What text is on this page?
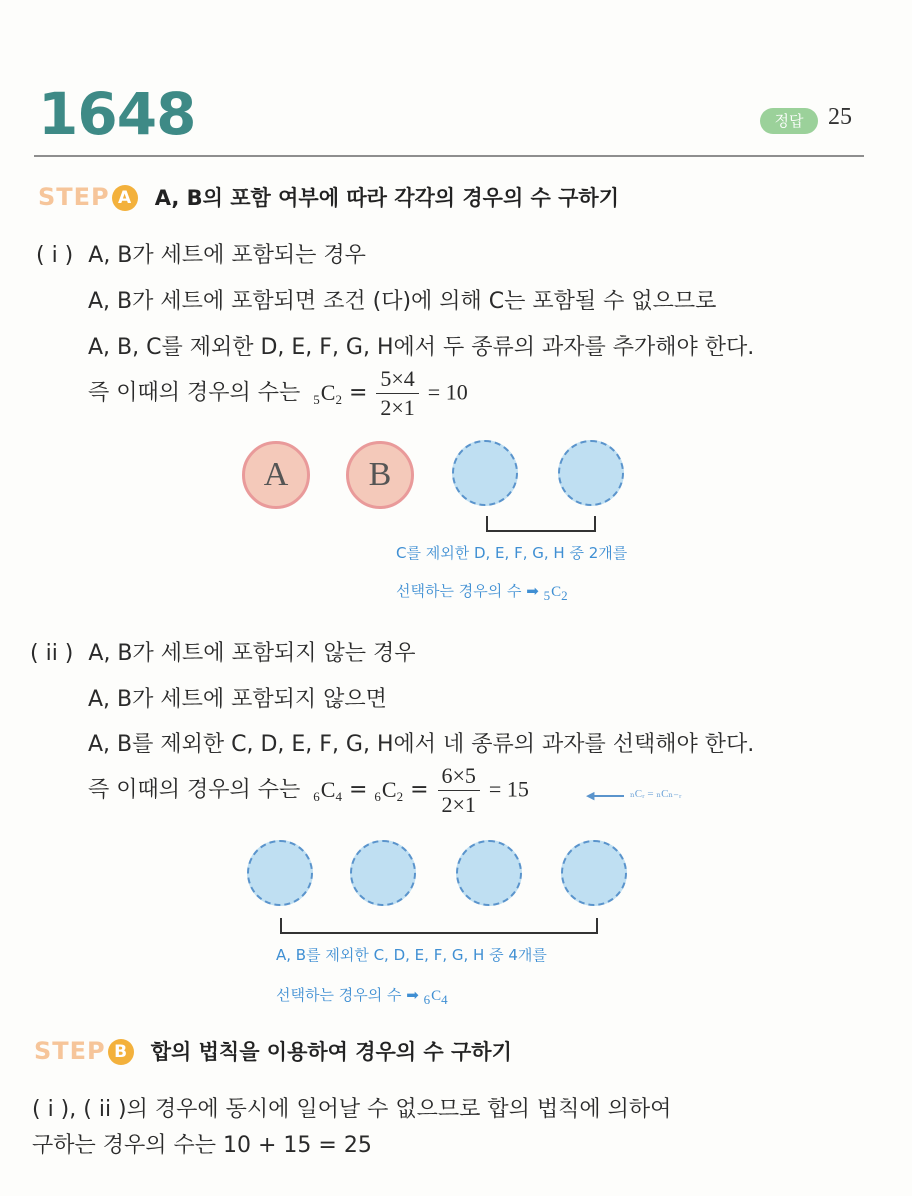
1648	정답	25
STEP A A, B의 포함 여부에 따라 각각의 경우의 수 구하기
( i ) A, B가 세트에 포함되는 경우
A, B가 세트에 포함되면 조건 (다)에 의해 C는 포함될 수 없으므로
A, B, C를 제외한 D, E, F, G, H에서 두 종류의 과자를 추가해야 한다.
즉 이때의 경우의 수는 $5C_2 = \frac{5\times 4}{2\times 1} = 10$
A	B
C를 제외한 D, E, F, G, H 중 2개를
선택하는 경우의 수 ➡ 5C2
( ii ) A, B가 세트에 포함되지 않는 경우
A, B가 세트에 포함되지 않으면
A, B를 제외한 C, D, E, F, G, H에서 네 종류의 과자를 선택해야 한다.
즉 이때의 경우의 수는 $6C_4 = 6C_2 = \frac{6\times 5}{2\times 1} = 15$	◀	ₙCᵣ = ₙCₙ₋ᵣ
A, B를 제외한 C, D, E, F, G, H 중 4개를
선택하는 경우의 수 ➡ 6C4
STEP B 합의 법칙을 이용하여 경우의 수 구하기
( i ), ( ii )의 경우에 동시에 일어날 수 없으므로 합의 법칙에 의하여
구하는 경우의 수는 10 + 15 = 25
